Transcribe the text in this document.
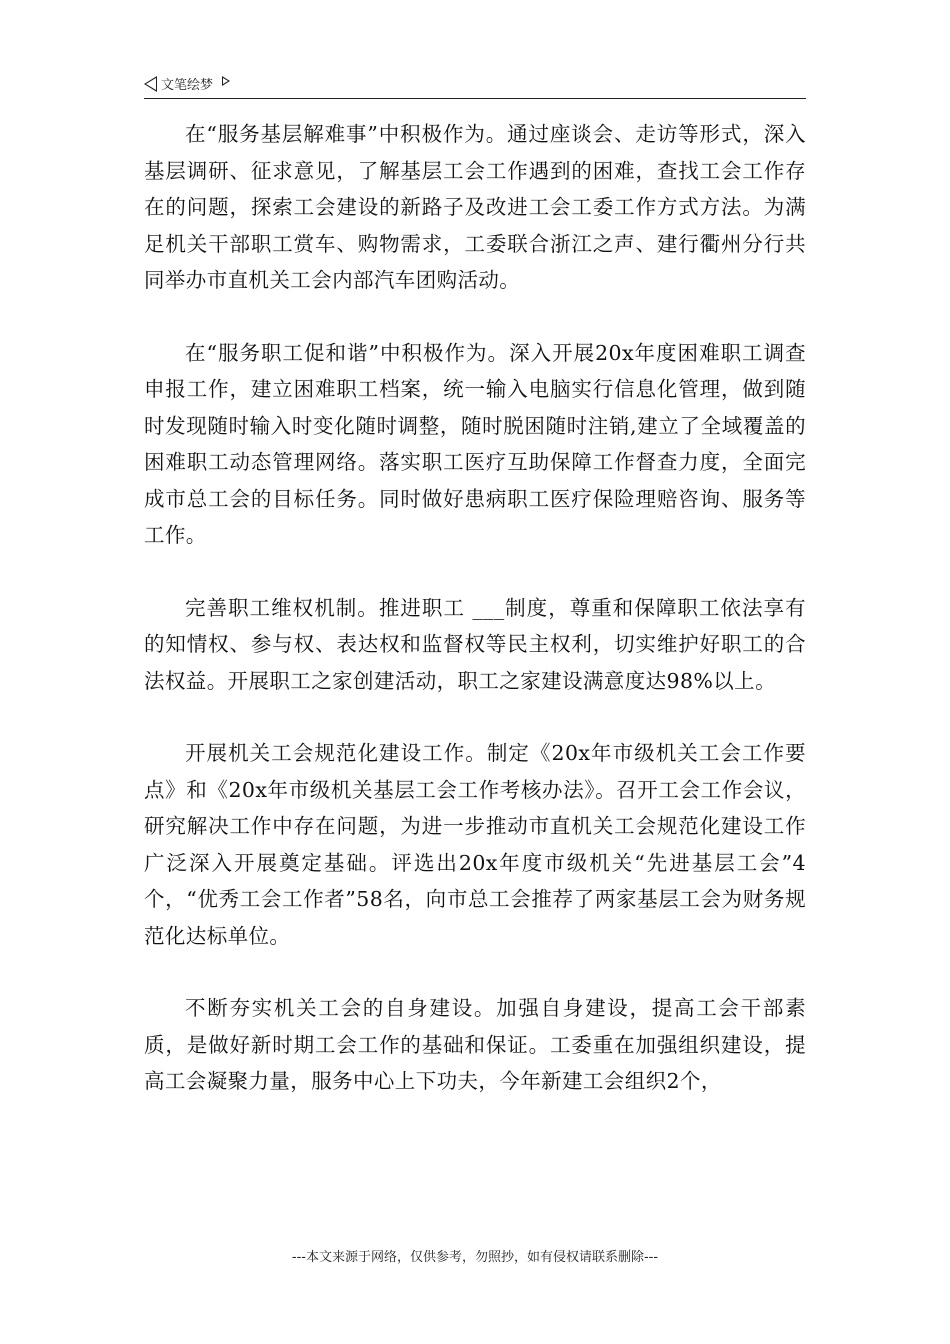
文笔绘梦

在“服务基层解难事”中积极作为。通过座谈会、走访等形式，深入基层调研、征求意见，了解基层工会工作遇到的困难，查找工会工作存在的问题，探索工会建设的新路子及改进工会工委工作方式方法。为满足机关干部职工赏车、购物需求，工委联合浙江之声、建行衢州分行共同举办市直机关工会内部汽车团购活动。

在“服务职工促和谐”中积极作为。深入开展20x年度困难职工调查申报工作，建立困难职工档案，统一输入电脑实行信息化管理，做到随时发现随时输入时变化随时调整，随时脱困随时注销,建立了全域覆盖的困难职工动态管理网络。落实职工医疗互助保障工作督查力度，全面完成市总工会的目标任务。同时做好患病职工医疗保险理赔咨询、服务等工作。

完善职工维权机制。推进职工 ___制度，尊重和保障职工依法享有的知情权、参与权、表达权和监督权等民主权利，切实维护好职工的合法权益。开展职工之家创建活动，职工之家建设满意度达98%以上。

开展机关工会规范化建设工作。制定《20x年市级机关工会工作要点》和《20x年市级机关基层工会工作考核办法》。召开工会工作会议，研究解决工作中存在问题，为进一步推动市直机关工会规范化建设工作广泛深入开展奠定基础。评选出20x年度市级机关“先进基层工会”4个，“优秀工会工作者”58名，向市总工会推荐了两家基层工会为财务规范化达标单位。

不断夯实机关工会的自身建设。加强自身建设，提高工会干部素质，是做好新时期工会工作的基础和保证。工委重在加强组织建设，提高工会凝聚力量，服务中心上下功夫，今年新建工会组织2个，

---本文来源于网络，仅供参考，勿照抄，如有侵权请联系删除---
